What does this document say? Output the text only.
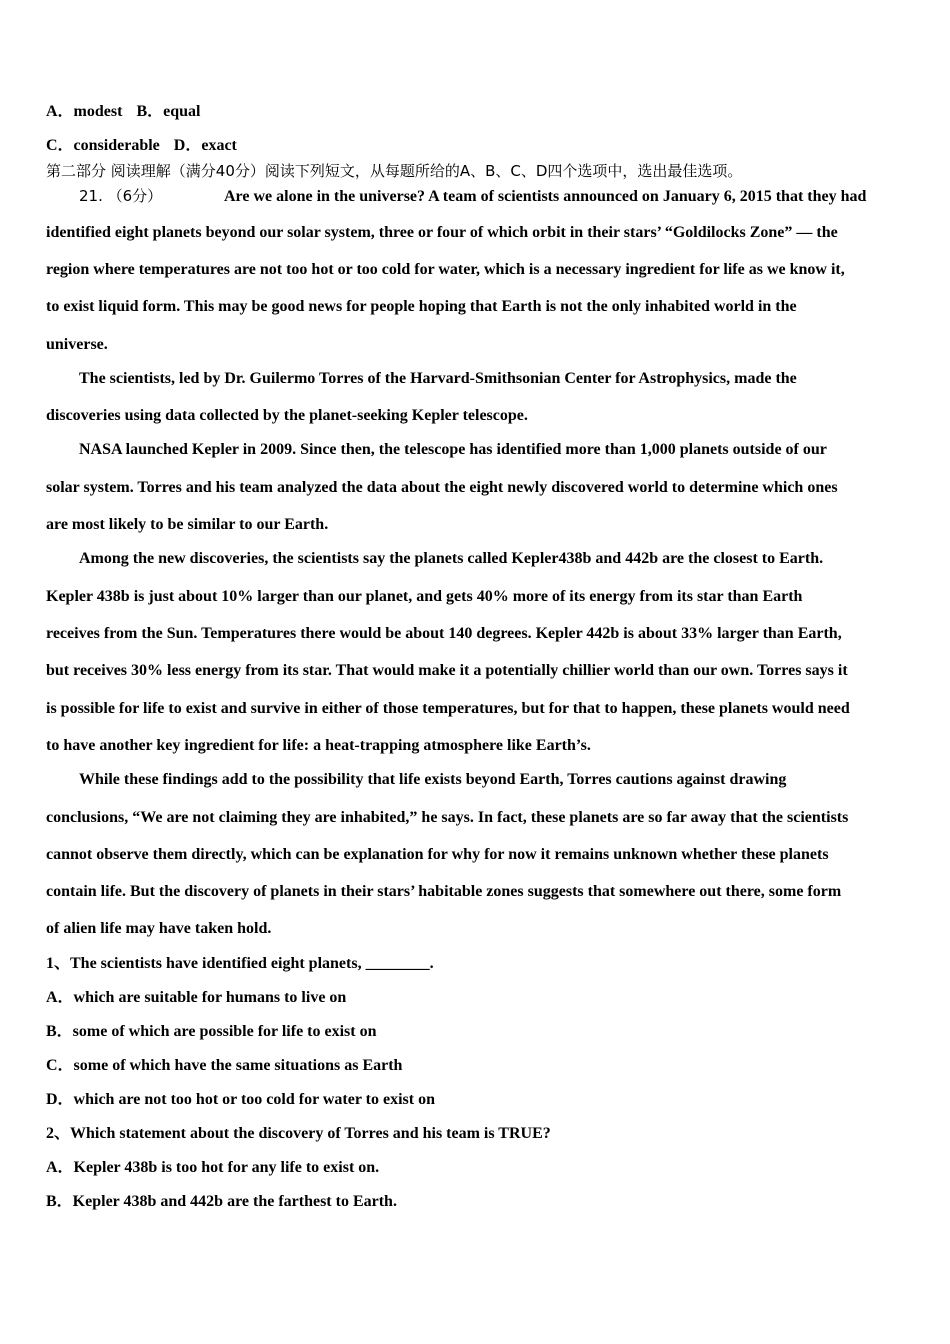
A．modest B．equal
C．considerable D．exact
第二部分 阅读理解（满分40分）阅读下列短文，从每题所给的A、B、C、D四个选项中，选出最佳选项。
21. （6分）	Are we alone in the universe? A team of scientists announced on January 6, 2015 that they had
identified eight planets beyond our solar system, three or four of which orbit in their stars’ “Goldilocks Zone” — the
region where temperatures are not too hot or too cold for water, which is a necessary ingredient for life as we know it,
to exist liquid form. This may be good news for people hoping that Earth is not the only inhabited world in the
universe.
The scientists, led by Dr. Guilermo Torres of the Harvard-Smithsonian Center for Astrophysics, made the
discoveries using data collected by the planet-seeking Kepler telescope.
NASA launched Kepler in 2009. Since then, the telescope has identified more than 1,000 planets outside of our
solar system. Torres and his team analyzed the data about the eight newly discovered world to determine which ones
are most likely to be similar to our Earth.
Among the new discoveries, the scientists say the planets called Kepler438b and 442b are the closest to Earth.
Kepler 438b is just about 10% larger than our planet, and gets 40% more of its energy from its star than Earth
receives from the Sun. Temperatures there would be about 140 degrees. Kepler 442b is about 33% larger than Earth,
but receives 30% less energy from its star. That would make it a potentially chillier world than our own. Torres says it
is possible for life to exist and survive in either of those temperatures, but for that to happen, these planets would need
to have another key ingredient for life: a heat-trapping atmosphere like Earth’s.
While these findings add to the possibility that life exists beyond Earth, Torres cautions against drawing
conclusions, “We are not claiming they are inhabited,” he says. In fact, these planets are so far away that the scientists
cannot observe them directly, which can be explanation for why for now it remains unknown whether these planets
contain life. But the discovery of planets in their stars’ habitable zones suggests that somewhere out there, some form
of alien life may have taken hold.
1、The scientists have identified eight planets, ________.
A．which are suitable for humans to live on
B．some of which are possible for life to exist on
C．some of which have the same situations as Earth
D．which are not too hot or too cold for water to exist on
2、Which statement about the discovery of Torres and his team is TRUE?
A．Kepler 438b is too hot for any life to exist on.
B．Kepler 438b and 442b are the farthest to Earth.
